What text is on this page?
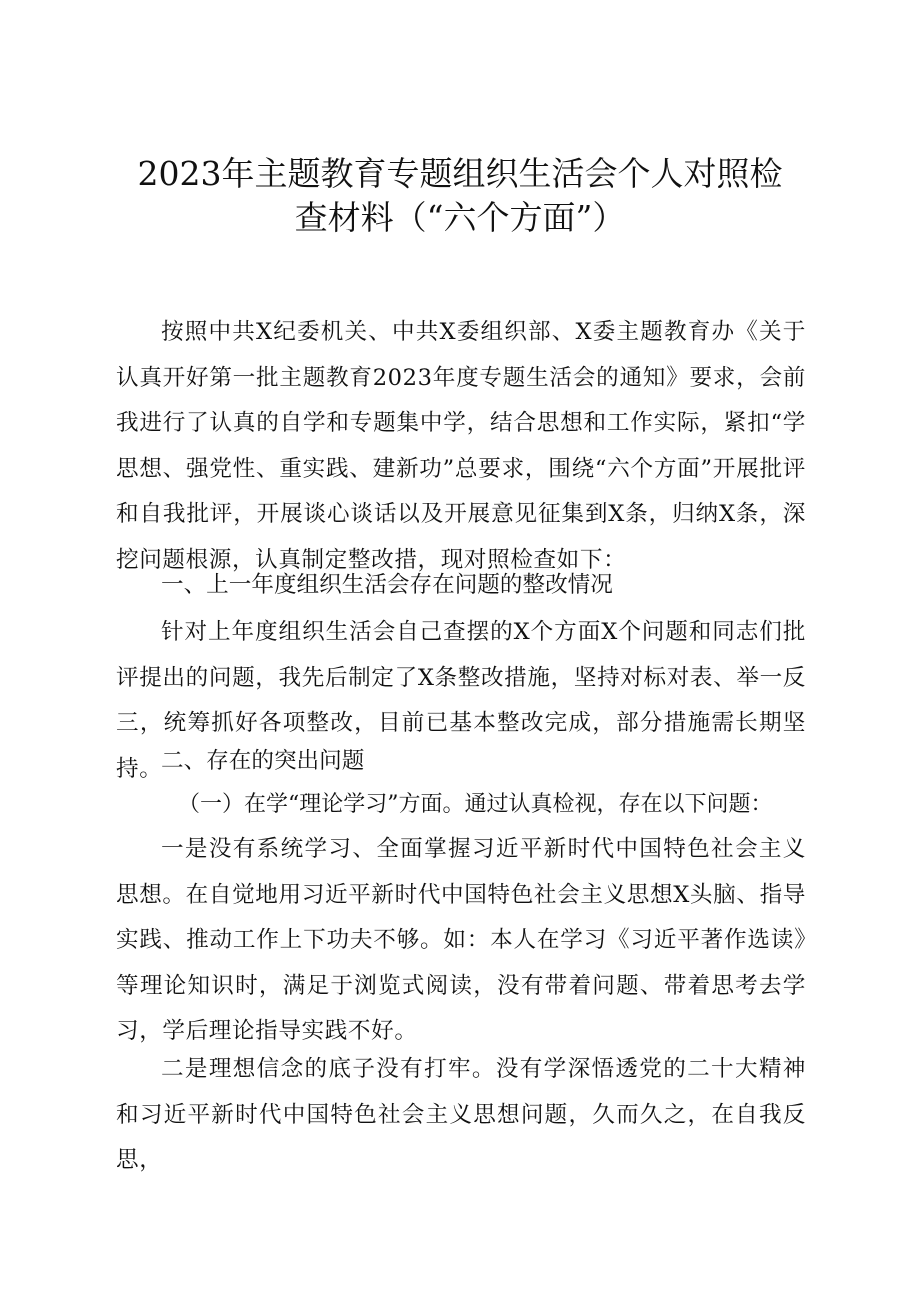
2023年主题教育专题组织生活会个人对照检
查材料（“六个方面”）

按照中共X纪委机关、中共X委组织部、X委主题教育办《关于认真开好第一批主题教育2023年度专题生活会的通知》要求，会前我进行了认真的自学和专题集中学，结合思想和工作实际，紧扣“学思想、强党性、重实践、建新功”总要求，围绕“六个方面”开展批评和自我批评，开展谈心谈话以及开展意见征集到X条，归纳X条，深挖问题根源，认真制定整改措，现对照检查如下：

一、上一年度组织生活会存在问题的整改情况

针对上年度组织生活会自己查摆的X个方面X个问题和同志们批评提出的问题，我先后制定了X条整改措施，坚持对标对表、举一反三，统筹抓好各项整改，目前已基本整改完成，部分措施需长期坚持。

二、存在的突出问题

（一）在学“理论学习”方面。通过认真检视，存在以下问题：

一是没有系统学习、全面掌握习近平新时代中国特色社会主义思想。在自觉地用习近平新时代中国特色社会主义思想X头脑、指导实践、推动工作上下功夫不够。如：本人在学习《习近平著作选读》等理论知识时，满足于浏览式阅读，没有带着问题、带着思考去学习，学后理论指导实践不好。

二是理想信念的底子没有打牢。没有学深悟透党的二十大精神和习近平新时代中国特色社会主义思想问题，久而久之，在自我反思，
